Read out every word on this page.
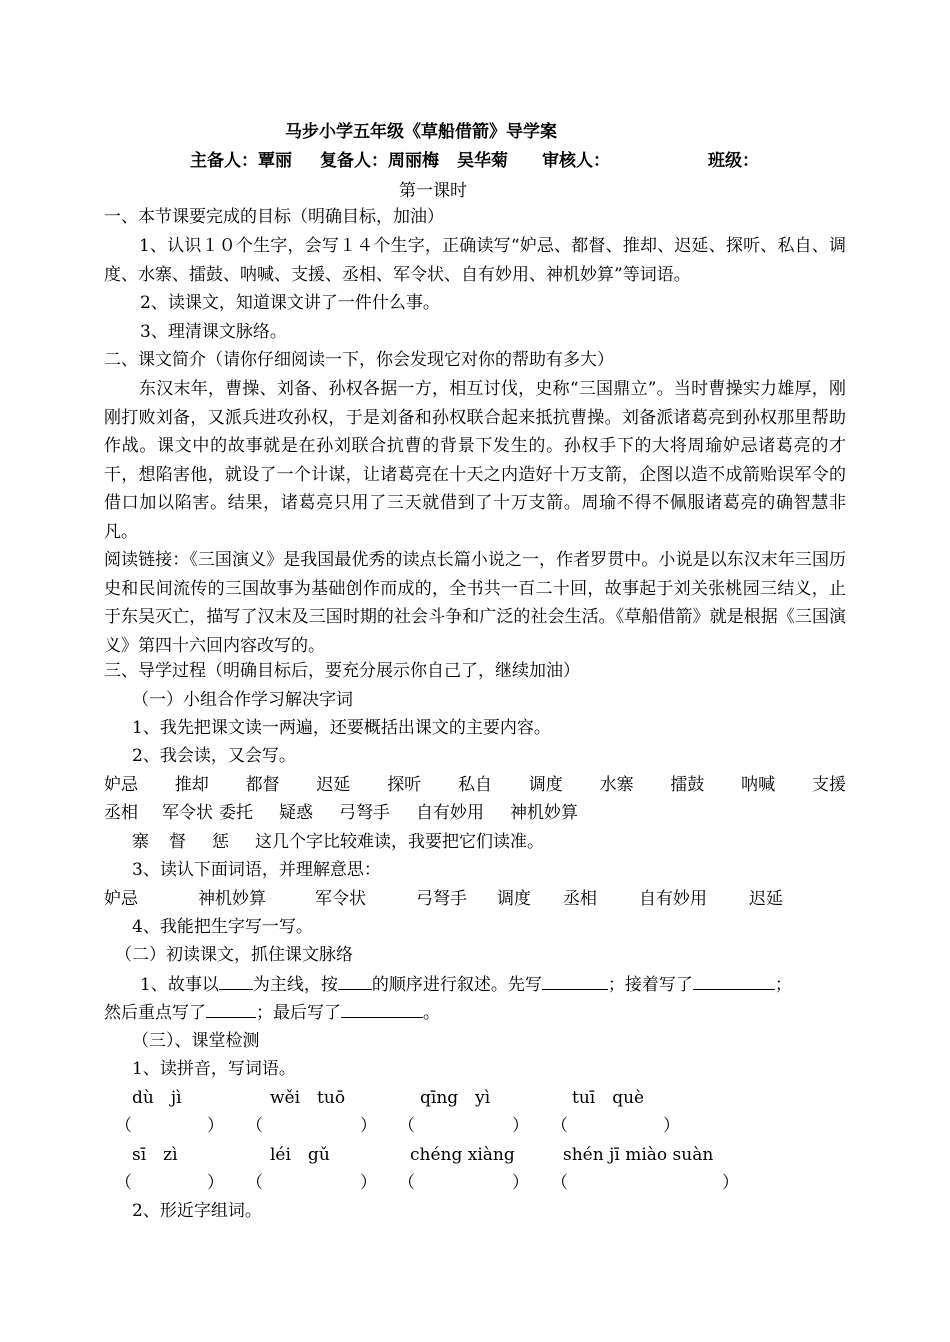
马步小学五年级《草船借箭》导学案
主备人：覃丽 复备人：周丽梅 吴华菊 审核人：	班级：
第一课时
一、本节课要完成的目标（明确目标，加油）
1、认识１０个生字，会写１４个生字，正确读写“妒忌、都督、推却、迟延、探听、私自、调度、水寨、擂鼓、呐喊、支援、丞相、军令状、自有妙用、神机妙算”等词语。
2、读课文，知道课文讲了一件什么事。
3、理清课文脉络。
二、课文简介（请你仔细阅读一下，你会发现它对你的帮助有多大）
东汉末年，曹操、刘备、孙权各据一方，相互讨伐，史称“三国鼎立”。当时曹操实力雄厚，刚刚打败刘备，又派兵进攻孙权，于是刘备和孙权联合起来抵抗曹操。刘备派诸葛亮到孙权那里帮助作战。课文中的故事就是在孙刘联合抗曹的背景下发生的。孙权手下的大将周瑜妒忌诸葛亮的才干，想陷害他，就设了一个计谋，让诸葛亮在十天之内造好十万支箭，企图以造不成箭贻误军令的借口加以陷害。结果，诸葛亮只用了三天就借到了十万支箭。周瑜不得不佩服诸葛亮的确智慧非凡。
阅读链接：《三国演义》是我国最优秀的读点长篇小说之一，作者罗贯中。小说是以东汉末年三国历史和民间流传的三国故事为基础创作而成的，全书共一百二十回，故事起于刘关张桃园三结义，止于东吴灭亡，描写了汉末及三国时期的社会斗争和广泛的社会生活。《草船借箭》就是根据《三国演义》第四十六回内容改写的。
三、导学过程（明确目标后，要充分展示你自己了，继续加油）
（一）小组合作学习解决字词
1、我先把课文读一两遍，还要概括出课文的主要内容。
2、我会读，又会写。
妒忌 推却 都督 迟延 探听 私自 调度 水寨 擂鼓 呐喊 支援
丞相 军令状 委托 疑惑 弓弩手 自有妙用 神机妙算
寨 督 惩 这几个字比较难读，我要把它们读准。
3、读认下面词语，并理解意思：
妒忌	神机妙算	军令状	弓弩手 调度 丞相 自有妙用 迟延
4、我能把生字写一写。
（二）初读课文，抓住课文脉络
1、故事以 为主线，按 的顺序进行叙述。先写	；接着写了	；
然后重点写了	；最后写了	。
（三）、课堂检测
1、读拼音，写词语。
dù　jì	wěi　tuō	qīng　yì	tuī　què
（	） （	） （	） （	）
sī　zì	léi　gǔ	chéng xiàng	shén jī miào suàn
（	） （	） （	） （	）
2、形近字组词。
